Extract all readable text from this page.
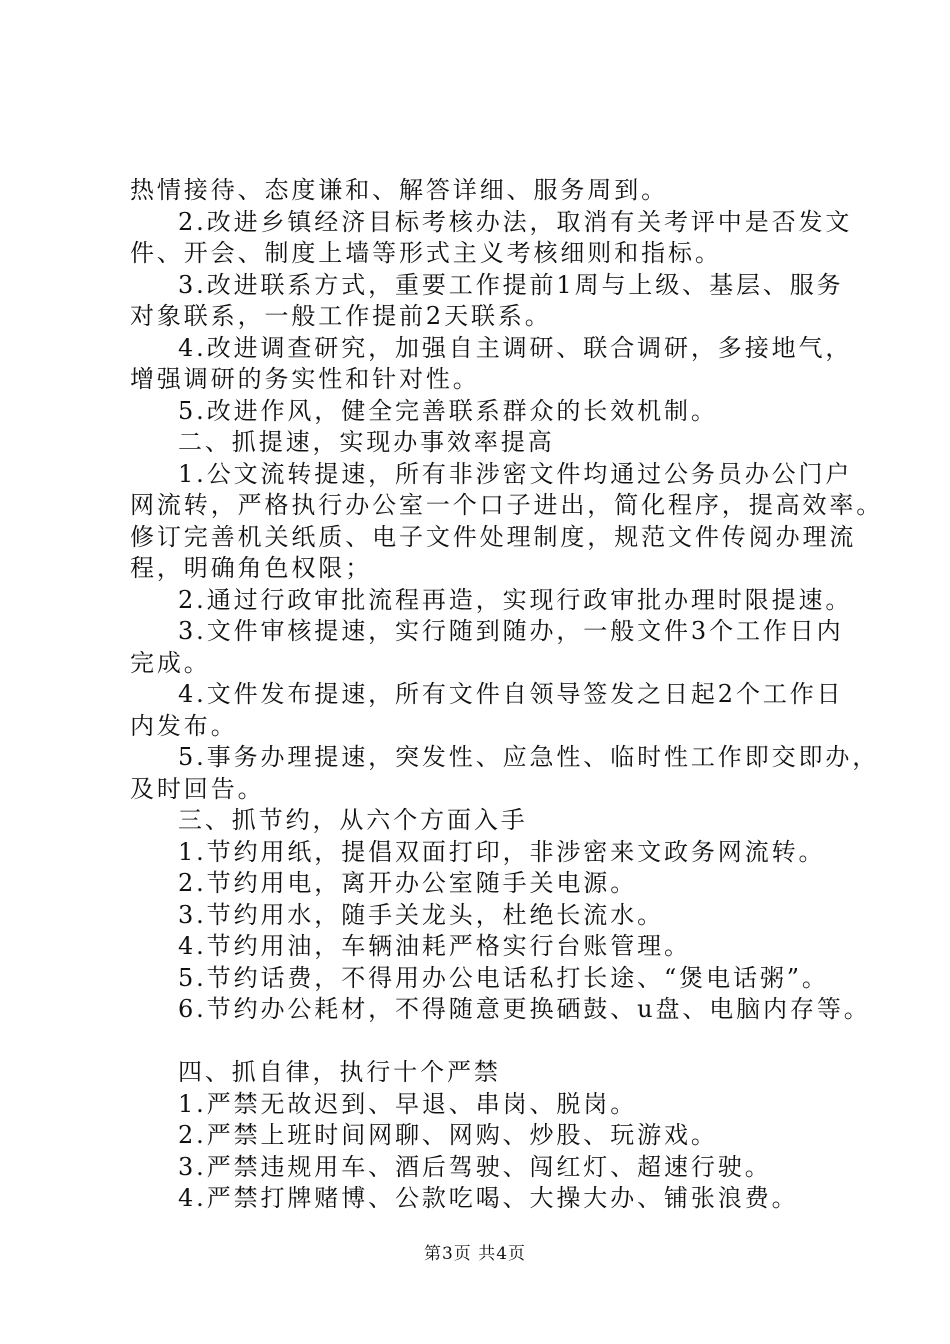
热情接待、态度谦和、解答详细、服务周到。
2.改进乡镇经济目标考核办法，取消有关考评中是否发文
件、开会、制度上墙等形式主义考核细则和指标。
3.改进联系方式，重要工作提前1周与上级、基层、服务
对象联系，一般工作提前2天联系。
4.改进调查研究，加强自主调研、联合调研，多接地气，
增强调研的务实性和针对性。
5.改进作风，健全完善联系群众的长效机制。
二、抓提速，实现办事效率提高
1.公文流转提速，所有非涉密文件均通过公务员办公门户
网流转，严格执行办公室一个口子进出，简化程序，提高效率。
修订完善机关纸质、电子文件处理制度，规范文件传阅办理流
程，明确角色权限；
2.通过行政审批流程再造，实现行政审批办理时限提速。
3.文件审核提速，实行随到随办，一般文件3个工作日内
完成。
4.文件发布提速，所有文件自领导签发之日起2个工作日
内发布。
5.事务办理提速，突发性、应急性、临时性工作即交即办，
及时回告。
三、抓节约，从六个方面入手
1.节约用纸，提倡双面打印，非涉密来文政务网流转。
2.节约用电，离开办公室随手关电源。
3.节约用水，随手关龙头，杜绝长流水。
4.节约用油，车辆油耗严格实行台账管理。
5.节约话费，不得用办公电话私打长途、“煲电话粥”。
6.节约办公耗材，不得随意更换硒鼓、u盘、电脑内存等。
四、抓自律，执行十个严禁
1.严禁无故迟到、早退、串岗、脱岗。
2.严禁上班时间网聊、网购、炒股、玩游戏。
3.严禁违规用车、酒后驾驶、闯红灯、超速行驶。
4.严禁打牌赌博、公款吃喝、大操大办、铺张浪费。
第3页 共4页
